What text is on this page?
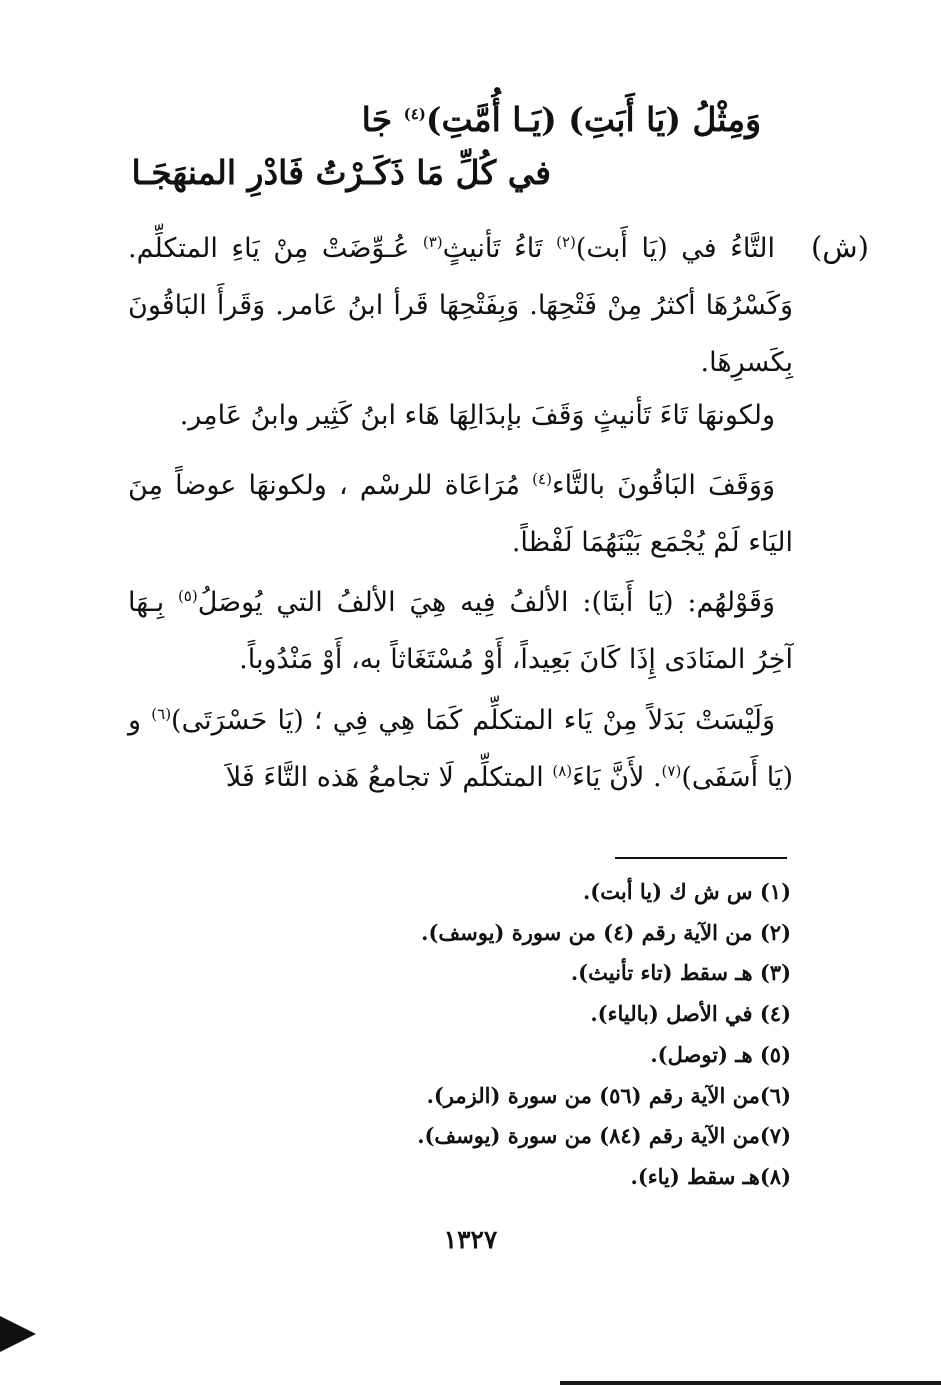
وَمِثْلُ (يَا أَبَتِ) (يَـا أُمَّتِ)$^{(٤)}$ جَا
في كُلِّ مَا ذَكَـرْتُ فَادْرِ المنهَجَـا
(ش)

التَّاءُ في (يَا أَبت)$^{(٢)}$ تَاءُ تَأنيثٍ$^{(٣)}$ عُـوِّضَتْ مِنْ يَاءِ المتكلِّم. وَكَسْرُهَا أكثرُ مِنْ فَتْحِهَا. وَبِفَتْحِهَا قَرأ ابنُ عَامر. وَقَرأَ البَاقُونَ بِكَسرِهَا.

ولكونهَا تَاءَ تَأنيثٍ وَقَفَ بإبدَالِهَا هَاء ابنُ كَثِير وابنُ عَامِر.

وَوَقَفَ البَاقُونَ بالتَّاء$^{(٤)}$ مُرَاعَاة للرسْم ، ولكونهَا عوضاً مِنَ اليَاء لَمْ يُجْمَع بَيْنَهُمَا لَفْظاً.

وَقَوْلهُم: (يَا أَبتَا): الألفُ فِيه هِيَ الألفُ التي يُوصَلُ$^{(٥)}$ بِـهَا آخِرُ المنَادَى إِذَا كَانَ بَعِيداً، أَوْ مُسْتَغَاثاً به، أَوْ مَنْدُوباً.

وَلَيْسَتْ بَدَلاً مِنْ يَاء المتكلِّم كَمَا هِي فِي ؛ (يَا حَسْرَتَى)$^{(٦)}$ و (يَا أَسَفَى)$^{(٧)}$. لأَنَّ يَاءَ$^{(٨)}$ المتكلِّم لَا تجامعُ هَذه التَّاءَ فَلاَ

(١) س ش ك (يا أبت).
(٢) من الآية رقم (٤) من سورة (يوسف).
(٣) هـ سقط (تاء تأنيث).
(٤) في الأصل (بالياء).
(٥) هـ (توصل).
(٦)من الآية رقم (٥٦) من سورة (الزمر).
(٧)من الآية رقم (٨٤) من سورة (يوسف).
(٨)هـ سقط (ياء).
١٣٢٧
